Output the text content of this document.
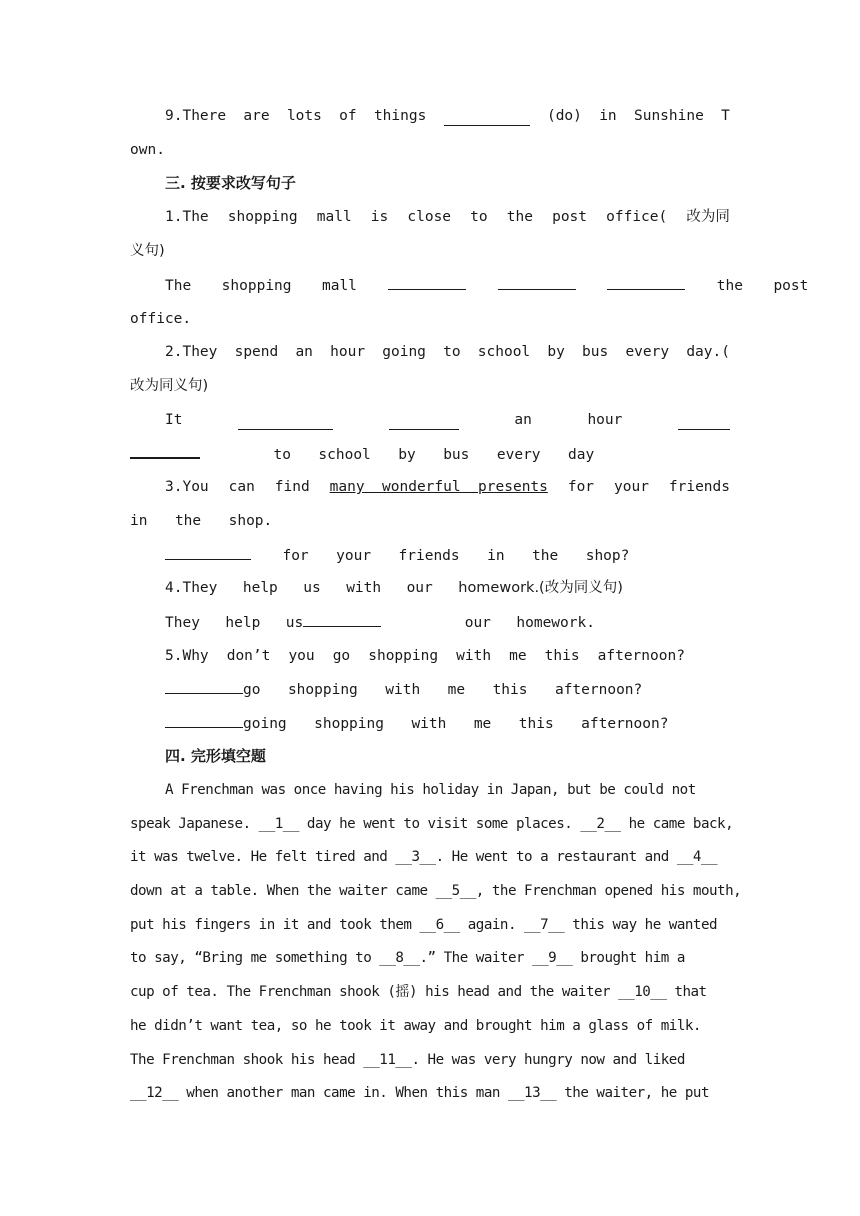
9.There are lots of things	(do) in Sunshine T
own.
三. 按要求改写句子
1.The shopping mall is close to the post office( 改为同
义句)
The shopping mall	the post
office.
2.They spend an hour going to school by bus every day.(
改为同义句)
It	an	hour
to school by bus every day
3.You can find many  wonderful  presents for your friends
in the shop.
for your friends in the shop?
4.They help us with our homework.(改为同义句)
They help us	our homework.
5.Why don’t you go shopping with me this afternoon?
go shopping with me this afternoon?
going shopping with me this afternoon?
四. 完形填空题
A Frenchman was once having his holiday in Japan, but be could not
speak Japanese. __1__ day he went to visit some places. __2__ he came back,
it was twelve. He felt tired and __3__. He went to a restaurant and __4__
down at a table. When the waiter came __5__, the Frenchman opened his mouth,
put his fingers in it and took them __6__ again. __7__ this way he wanted
to say, “Bring me something to __8__.” The waiter __9__ brought him a
cup of tea. The Frenchman shook (摇) his head and the waiter __10__ that
he didn’t want tea, so he took it away and brought him a glass of milk.
The Frenchman shook his head __11__. He was very hungry now and liked
__12__ when another man came in. When this man __13__ the waiter, he put
